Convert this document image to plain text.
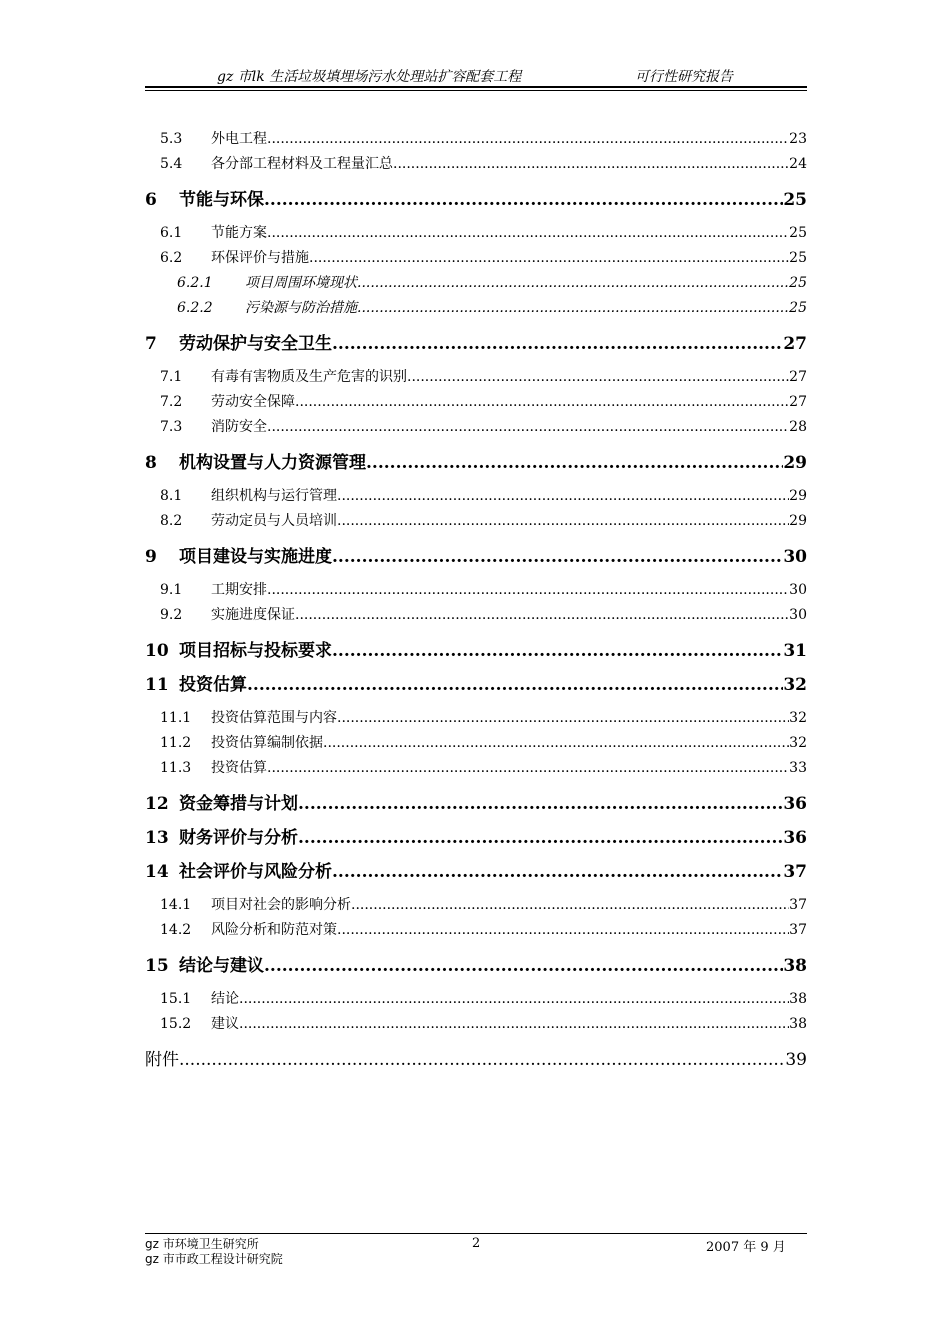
gz 市lk 生活垃圾填埋场污水处理站扩容配套工程	可行性研究报告
5.3	外电工程 .....	23
5.4	各分部工程材料及工程量汇总 .....	24
6	节能与环保 .....	25
6.1	节能方案 .....	25
6.2	环保评价与措施 .....	25
6.2.1	项目周围环境现状 .....	25
6.2.2	污染源与防治措施 .....	25
7	劳动保护与安全卫生 .....	27
7.1	有毒有害物质及生产危害的识别 .....	27
7.2	劳动安全保障 .....	27
7.3	消防安全 .....	28
8	机构设置与人力资源管理 .....	29
8.1	组织机构与运行管理 .....	29
8.2	劳动定员与人员培训 .....	29
9	项目建设与实施进度 .....	30
9.1	工期安排 .....	30
9.2	实施进度保证 .....	30
10 项目招标与投标要求 .....	31
11 投资估算 .....	32
11.1	投资估算范围与内容 .....	32
11.2	投资估算编制依据 .....	32
11.3	投资估算 .....	33
12 资金筹措与计划 .....	36
13 财务评价与分析 .....	36
14 社会评价与风险分析 .....	37
14.1	项目对社会的影响分析 .....	37
14.2	风险分析和防范对策 .....	37
15 结论与建议 .....	38
15.1	结论 .....	38
15.2	建议 .....	38
附件 .....	39
gz 市环境卫生研究所
gz 市市政工程设计研究院
2	2007 年 9 月
